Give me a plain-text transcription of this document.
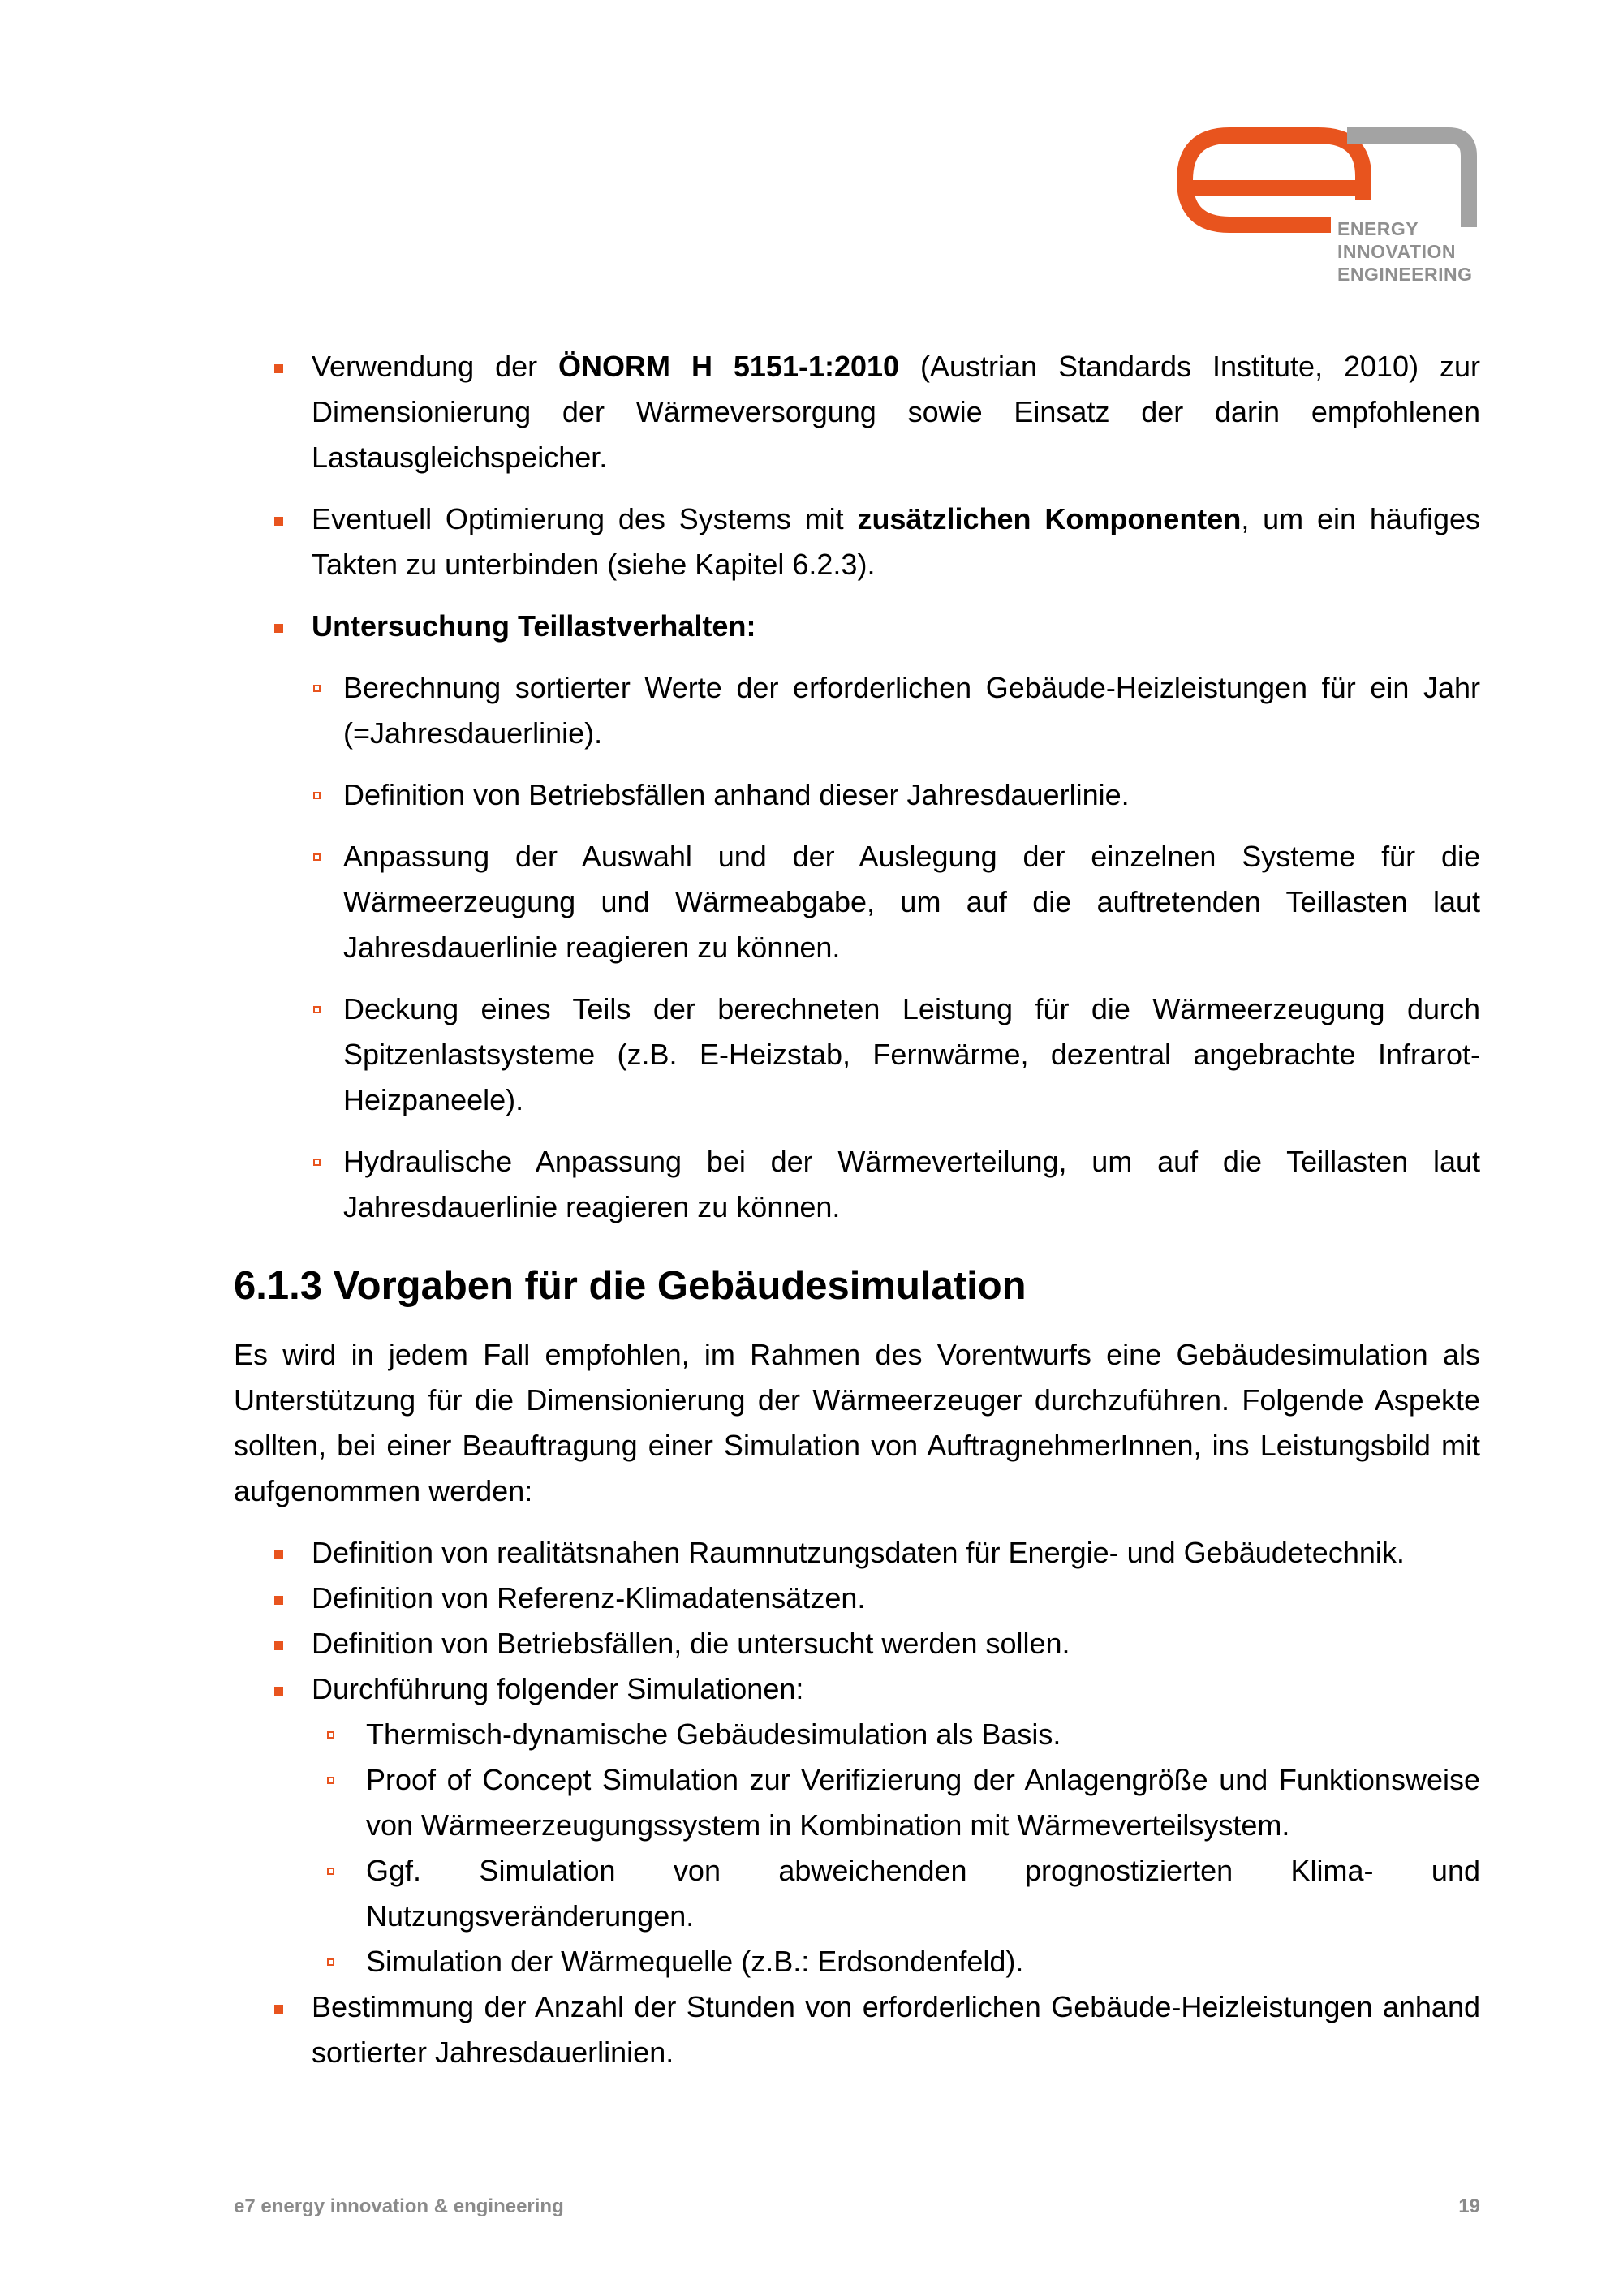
ENERGY
INNOVATION
ENGINEERING
Verwendung der ÖNORM H 5151-1:2010 (Austrian Standards Institute, 2010) zur Dimensionierung der Wärmeversorgung sowie Einsatz der darin empfohlenen Lastausgleichspeicher.
Eventuell Optimierung des Systems mit zusätzlichen Komponenten, um ein häufiges Takten zu unterbinden (siehe Kapitel 6.2.3).
Untersuchung Teillastverhalten:
Berechnung sortierter Werte der erforderlichen Gebäude-Heizleistungen für ein Jahr (=Jahresdauerlinie).
Definition von Betriebsfällen anhand dieser Jahresdauerlinie.
Anpassung der Auswahl und der Auslegung der einzelnen Systeme für die Wärmeerzeugung und Wärmeabgabe, um auf die auftretenden Teillasten laut Jahresdauerlinie reagieren zu können.
Deckung eines Teils der berechneten Leistung für die Wärmeerzeugung durch Spitzenlastsysteme (z.B. E-Heizstab, Fernwärme, dezentral angebrachte Infrarot-Heizpaneele).
Hydraulische Anpassung bei der Wärmeverteilung, um auf die Teillasten laut Jahresdauerlinie reagieren zu können.
6.1.3 Vorgaben für die Gebäudesimulation

Es wird in jedem Fall empfohlen, im Rahmen des Vorentwurfs eine Gebäudesimulation als Unterstützung für die Dimensionierung der Wärmeerzeuger durchzuführen. Folgende Aspekte sollten, bei einer Beauftragung einer Simulation von AuftragnehmerInnen, ins Leistungsbild mit aufgenommen werden:

Definition von realitätsnahen Raumnutzungsdaten für Energie- und Gebäudetechnik.
Definition von Referenz-Klimadatensätzen.
Definition von Betriebsfällen, die untersucht werden sollen.
Durchführung folgender Simulationen:
Thermisch-dynamische Gebäudesimulation als Basis.
Proof of Concept Simulation zur Verifizierung der Anlagengröße und Funktionsweise von Wärmeerzeugungssystem in Kombination mit Wärmeverteilsystem.
Ggf. Simulation von abweichenden prognostizierten Klima- und Nutzungsveränderungen.
Simulation der Wärmequelle (z.B.: Erdsondenfeld).
Bestimmung der Anzahl der Stunden von erforderlichen Gebäude-Heizleistungen anhand sortierter Jahresdauerlinien.
e7 energy innovation & engineering	19
